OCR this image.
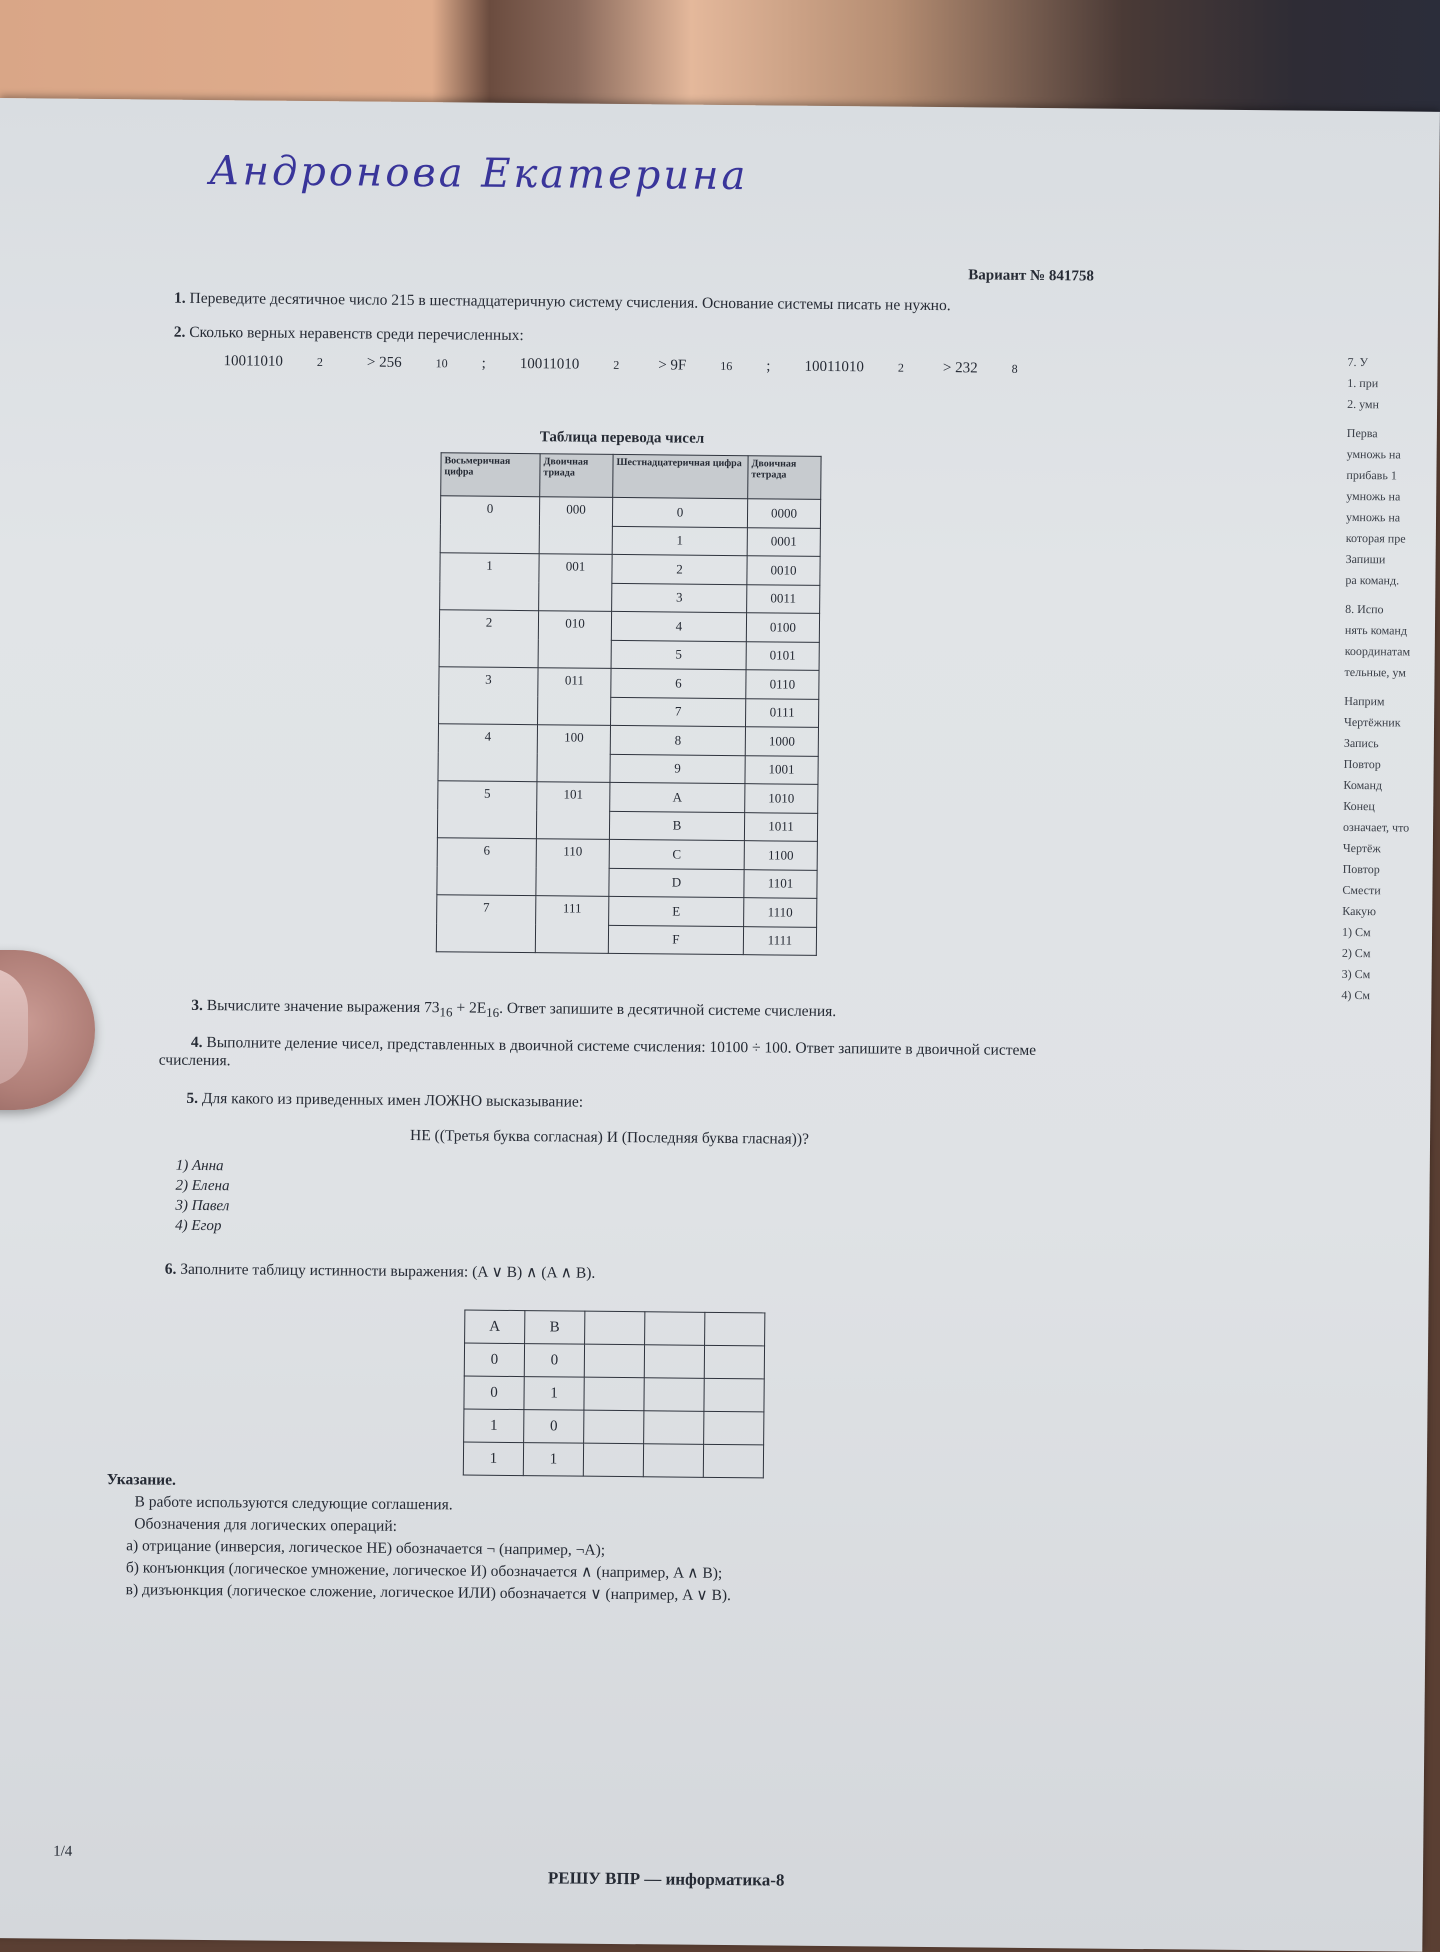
Андронова Екатерина
Вариант № 841758
1. Переведите десятичное число 215 в шестнадцатеричную систему счисления. Основание системы писать не нужно.
2. Сколько верных неравенств среди перечисленных:
10011010	2	> 256	10 ; 10011010	2	> 9F	16 ; 10011010	2	> 232	8
Таблица перевода чисел
Восьмеричная цифра	Двоичная триада	Шестнадцатеричная цифра	Двоичная тетрада
0	000	0	0000
		1	0001
1	001	2	0010
		3	0011
2	010	4	0100
		5	0101
3	011	6	0110
		7	0111
4	100	8	1000
		9	1001
5	101	A	1010
		B	1011
6	110	C	1100
		D	1101
7	111	E	1110
		F	1111
3. Вычислите значение выражения $73_{16} + 2E_{16}$. Ответ запишите в десятичной системе счисления.
4. Выполните деление чисел, представленных в двоичной системе счисления: 10100 ÷ 100. Ответ запишите в двоичной системе
счисления.
5. Для какого из приведенных имен ЛОЖНО высказывание:
НЕ ((Третья буква согласная) И (Последняя буква гласная))?
1) Анна
2) Елена
3) Павел
4) Егор
6. Заполните таблицу истинности выражения: (A ∨ B) ∧ (A ∧ B).
A	B			
0	0			
0	1			
1	0			
1	1			
Указание.
В работе используются следующие соглашения.
Обозначения для логических операций:
а) отрицание (инверсия, логическое НЕ) обозначается ¬ (например, ¬A);
б) конъюнкция (логическое умножение, логическое И) обозначается ∧ (например, A ∧ B);
в) дизъюнкция (логическое сложение, логическое ИЛИ) обозначается ∨ (например, A ∨ B).
1/4
РЕШУ ВПР — информатика-8
7. У
1. при
2. умн
Перва
умножь на
прибавь 1
умножь на
умножь на
которая пре
Запиши
ра команд.
8. Испо
нять команд
координатам
тельные, ум
Наприм
Чертёжник
Запись
Повтор
Команд
Конец
означает, что
Чертёж
Повтор
Смести
Какую
1) См
2) См
3) См
4) См
